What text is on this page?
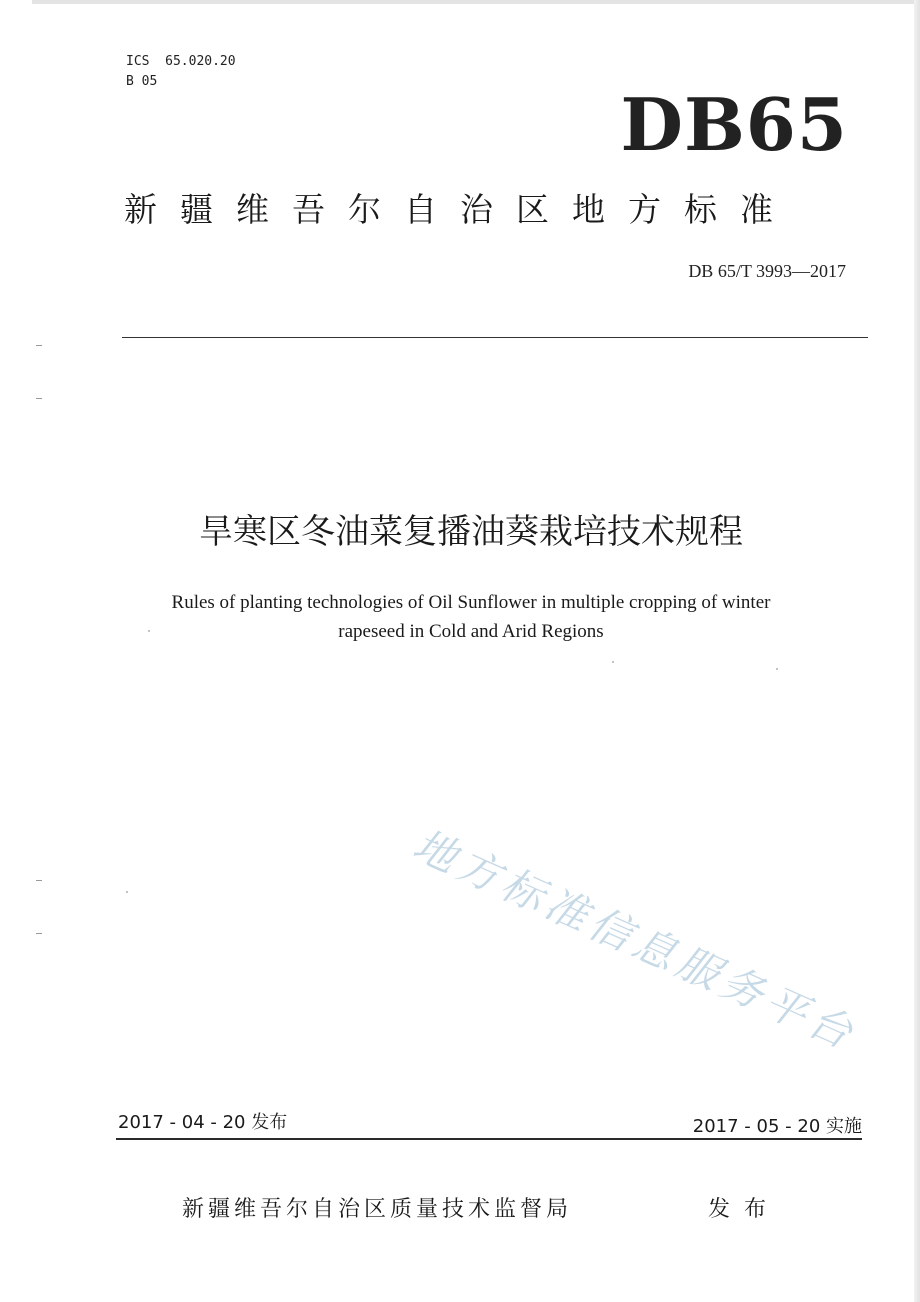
ICS  65.020.20
B 05
DB65
新疆维吾尔自治区地方标准
DB 65/T 3993—2017
旱寒区冬油菜复播油葵栽培技术规程
Rules of planting technologies of Oil Sunflower in multiple cropping of winter
rapeseed in Cold and Arid Regions
地方标准信息服务平台
2017 - 04 - 20 发布	2017 - 05 - 20 实施
新疆维吾尔自治区质量技术监督局	发布
